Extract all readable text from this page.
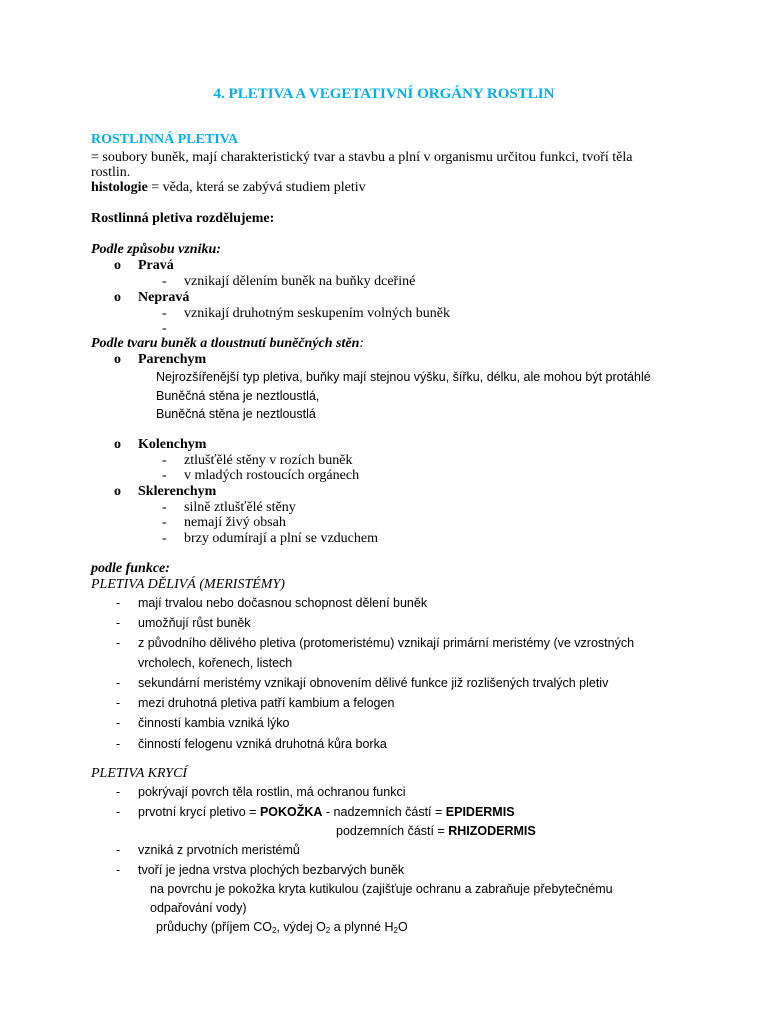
4. PLETIVA A VEGETATIVNÍ ORGÁNY ROSTLIN
ROSTLINNÁ PLETIVA
= soubory buněk, mají charakteristický tvar a stavbu a plní v organismu určitou funkci, tvoří těla
rostlin.
histologie = věda, která se zabývá studiem pletiv
Rostlinná pletiva rozdělujeme:
Podle způsobu vzniku:
o Pravá
- vznikají dělením buněk na buňky dceřiné
o Nepravá
- vznikají druhotným seskupením volných buněk
-
Podle tvaru buněk a tloustnutí buněčných stěn:
o Parenchym
Nejrozšířenější typ pletiva, buňky mají stejnou výšku, šířku, délku, ale mohou být protáhlé
Buněčná stěna je neztloustlá,
Buněčná stěna je neztloustlá
o Kolenchym
- ztlušťělé stěny v rozích buněk
- v mladých rostoucích orgánech
o Sklerenchym
- silně ztlušťělé stěny
- nemají živý obsah
- brzy odumírají a plní se vzduchem
podle funkce:
PLETIVA DĚLIVÁ (MERISTÉMY)
- mají trvalou nebo dočasnou schopnost dělení buněk
- umožňují růst buněk
- z původního dělivého pletiva (protomeristému) vznikají primární meristémy (ve vzrostných
vrcholech, kořenech, listech
- sekundární meristémy vznikají obnovením dělivé funkce již rozlišených trvalých pletiv
- mezi druhotná pletiva patří kambium a felogen
- činností kambia vzniká lýko
- činností felogenu vzniká druhotná kůra borka
PLETIVA KRYCÍ
- pokrývají povrch těla rostlin, má ochranou funkci
- prvotní krycí pletivo = POKOŽKA - nadzemních částí = EPIDERMIS
podzemních částí = RHIZODERMIS
- vzniká z prvotních meristémů
- tvoří je jedna vrstva plochých bezbarvých buněk
na povrchu je pokožka kryta kutikulou (zajišťuje ochranu a zabraňuje přebytečnému
odpařování vody)
průduchy (příjem $CO_2$, výdej $O_2$ a plynné $H_2O$
